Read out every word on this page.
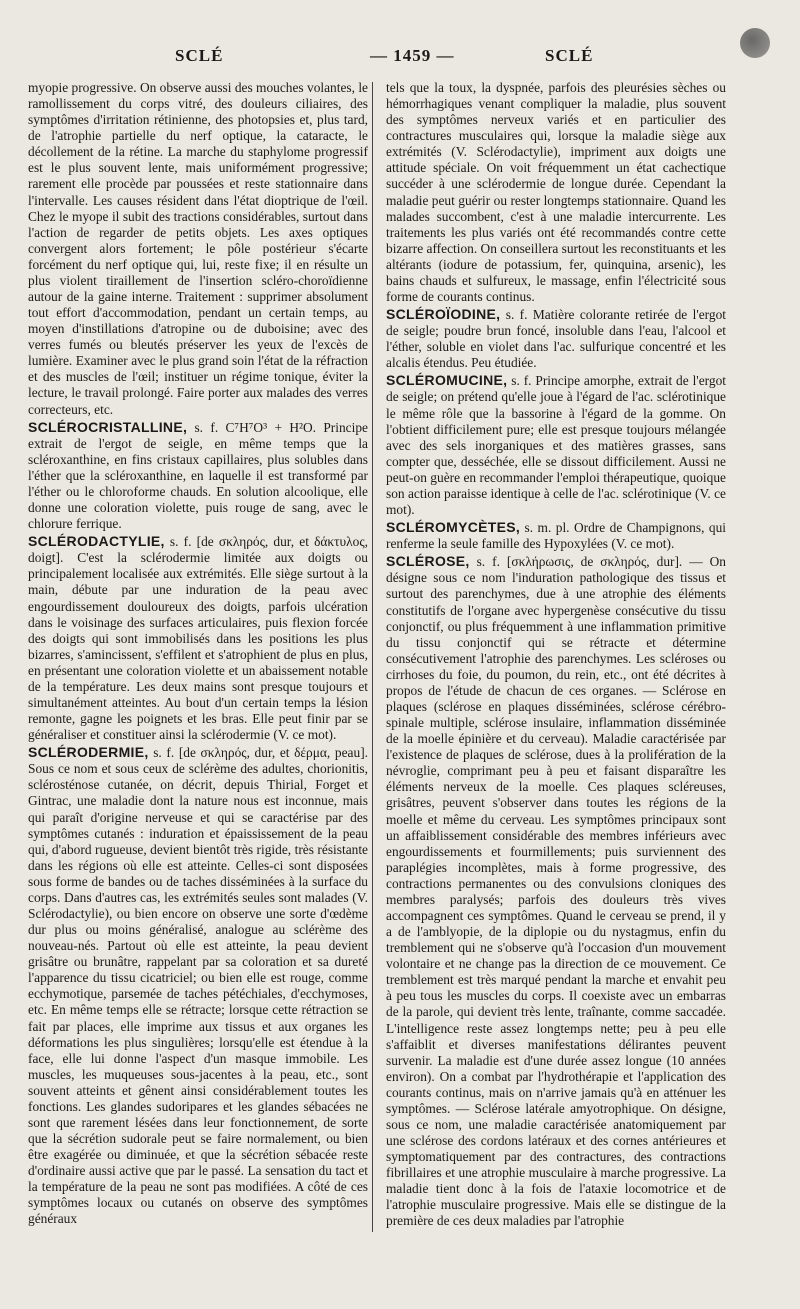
SCLÉ	— 1459 —	SCLÉ

myopie progressive. On observe aussi des mouches volantes, le ramollissement du corps vitré, des douleurs ciliaires, des symptômes d'irritation rétinienne, des photopsies et, plus tard, de l'atrophie partielle du nerf optique, la cataracte, le décollement de la rétine. La marche du staphylome progressif est le plus souvent lente, mais uniformément progressive; rarement elle procède par poussées et reste stationnaire dans l'intervalle. Les causes résident dans l'état dioptrique de l'œil. Chez le myope il subit des tractions considérables, surtout dans l'action de regarder de petits objets. Les axes optiques convergent alors fortement; le pôle postérieur s'écarte forcément du nerf optique qui, lui, reste fixe; il en résulte un plus violent tiraillement de l'insertion scléro-choroïdienne autour de la gaine interne. Traitement : supprimer absolument tout effort d'accommodation, pendant un certain temps, au moyen d'instillations d'atropine ou de duboisine; avec des verres fumés ou bleutés préserver les yeux de l'excès de lumière. Examiner avec le plus grand soin l'état de la réfraction et des muscles de l'œil; instituer un régime tonique, éviter la lecture, le travail prolongé. Faire porter aux malades des verres correcteurs, etc.

SCLÉROCRISTALLINE, s. f. C⁷H⁷O³ + H²O. Principe extrait de l'ergot de seigle, en même temps que la scléroxanthine, en fins cristaux capillaires, plus solubles dans l'éther que la scléroxanthine, en laquelle il est transformé par l'éther ou le chloroforme chauds. En solution alcoolique, elle donne une coloration violette, puis rouge de sang, avec le chlorure ferrique.

SCLÉRODACTYLIE, s. f. [de σκληρός, dur, et δάκτυλος, doigt]. C'est la sclérodermie limitée aux doigts ou principalement localisée aux extrémités. Elle siège surtout à la main, débute par une induration de la peau avec engourdissement douloureux des doigts, parfois ulcération dans le voisinage des surfaces articulaires, puis flexion forcée des doigts qui sont immobilisés dans les positions les plus bizarres, s'amincissent, s'effilent et s'atrophient de plus en plus, en présentant une coloration violette et un abaissement notable de la température. Les deux mains sont presque toujours et simultanément atteintes. Au bout d'un certain temps la lésion remonte, gagne les poignets et les bras. Elle peut finir par se généraliser et constituer ainsi la sclérodermie (V. ce mot).

SCLÉRODERMIE, s. f. [de σκληρός, dur, et δέρμα, peau]. Sous ce nom et sous ceux de sclérème des adultes, chorionitis, sclérosténose cutanée, on décrit, depuis Thirial, Forget et Gintrac, une maladie dont la nature nous est inconnue, mais qui paraît d'origine nerveuse et qui se caractérise par des symptômes cutanés : induration et épaississement de la peau qui, d'abord rugueuse, devient bientôt très rigide, très résistante dans les régions où elle est atteinte. Celles-ci sont disposées sous forme de bandes ou de taches disséminées à la surface du corps. Dans d'autres cas, les extrémités seules sont malades (V. Sclérodactylie), ou bien encore on observe une sorte d'œdème dur plus ou moins généralisé, analogue au sclérème des nouveau-nés. Partout où elle est atteinte, la peau devient grisâtre ou brunâtre, rappelant par sa coloration et sa dureté l'apparence du tissu cicatriciel; ou bien elle est rouge, comme ecchymotique, parsemée de taches pétéchiales, d'ecchymoses, etc. En même temps elle se rétracte; lorsque cette rétraction se fait par places, elle imprime aux tissus et aux organes les déformations les plus singulières; lorsqu'elle est étendue à la face, elle lui donne l'aspect d'un masque immobile. Les muscles, les muqueuses sous-jacentes à la peau, etc., sont souvent atteints et gênent ainsi considérablement toutes les fonctions. Les glandes sudoripares et les glandes sébacées ne sont que rarement lésées dans leur fonctionnement, de sorte que la sécrétion sudorale peut se faire normalement, ou bien être exagérée ou diminuée, et que la sécrétion sébacée reste d'ordinaire aussi active que par le passé. La sensation du tact et la température de la peau ne sont pas modifiées. A côté de ces symptômes locaux ou cutanés on observe des symptômes généraux

tels que la toux, la dyspnée, parfois des pleurésies sèches ou hémorrhagiques venant compliquer la maladie, plus souvent des symptômes nerveux variés et en particulier des contractures musculaires qui, lorsque la maladie siège aux extrémités (V. Sclérodactylie), impriment aux doigts une attitude spéciale. On voit fréquemment un état cachectique succéder à une sclérodermie de longue durée. Cependant la maladie peut guérir ou rester longtemps stationnaire. Quand les malades succombent, c'est à une maladie intercurrente. Les traitements les plus variés ont été recommandés contre cette bizarre affection. On conseillera surtout les reconstituants et les altérants (iodure de potassium, fer, quinquina, arsenic), les bains chauds et sulfureux, le massage, enfin l'électricité sous forme de courants continus.

SCLÉROÏODINE, s. f. Matière colorante retirée de l'ergot de seigle; poudre brun foncé, insoluble dans l'eau, l'alcool et l'éther, soluble en violet dans l'ac. sulfurique concentré et les alcalis étendus. Peu étudiée.

SCLÉROMUCINE, s. f. Principe amorphe, extrait de l'ergot de seigle; on prétend qu'elle joue à l'égard de l'ac. sclérotinique le même rôle que la bassorine à l'égard de la gomme. On l'obtient difficilement pure; elle est presque toujours mélangée avec des sels inorganiques et des matières grasses, sans compter que, desséchée, elle se dissout difficilement. Aussi ne peut-on guère en recommander l'emploi thérapeutique, quoique son action paraisse identique à celle de l'ac. sclérotinique (V. ce mot).

SCLÉROMYCÈTES, s. m. pl. Ordre de Champignons, qui renferme la seule famille des Hypoxylées (V. ce mot).

SCLÉROSE, s. f. [σκλήρωσις, de σκληρός, dur]. — On désigne sous ce nom l'induration pathologique des tissus et surtout des parenchymes, due à une atrophie des éléments constitutifs de l'organe avec hypergenèse consécutive du tissu conjonctif, ou plus fréquemment à une inflammation primitive du tissu conjonctif qui se rétracte et détermine consécutivement l'atrophie des parenchymes. Les scléroses ou cirrhoses du foie, du poumon, du rein, etc., ont été décrites à propos de l'étude de chacun de ces organes. — Sclérose en plaques (sclérose en plaques disséminées, sclérose cérébro-spinale multiple, sclérose insulaire, inflammation disséminée de la moelle épinière et du cerveau). Maladie caractérisée par l'existence de plaques de sclérose, dues à la prolifération de la névroglie, comprimant peu à peu et faisant disparaître les éléments nerveux de la moelle. Ces plaques scléreuses, grisâtres, peuvent s'observer dans toutes les régions de la moelle et même du cerveau. Les symptômes principaux sont un affaiblissement considérable des membres inférieurs avec engourdissements et fourmillements; puis surviennent des paraplégies incomplètes, mais à forme progressive, des contractions permanentes ou des convulsions cloniques des membres paralysés; parfois des douleurs très vives accompagnent ces symptômes. Quand le cerveau se prend, il y a de l'amblyopie, de la diplopie ou du nystagmus, enfin du tremblement qui ne s'observe qu'à l'occasion d'un mouvement volontaire et ne change pas la direction de ce mouvement. Ce tremblement est très marqué pendant la marche et envahit peu à peu tous les muscles du corps. Il coexiste avec un embarras de la parole, qui devient très lente, traînante, comme saccadée. L'intelligence reste assez longtemps nette; peu à peu elle s'affaiblit et diverses manifestations délirantes peuvent survenir. La maladie est d'une durée assez longue (10 années environ). On a combat par l'hydrothérapie et l'application des courants continus, mais on n'arrive jamais qu'à en atténuer les symptômes. — Sclérose latérale amyotrophique. On désigne, sous ce nom, une maladie caractérisée anatomiquement par une sclérose des cordons latéraux et des cornes antérieures et symptomatiquement par des contractures, des contractions fibrillaires et une atrophie musculaire à marche progressive. La maladie tient donc à la fois de l'ataxie locomotrice et de l'atrophie musculaire progressive. Mais elle se distingue de la première de ces deux maladies par l'atrophie
